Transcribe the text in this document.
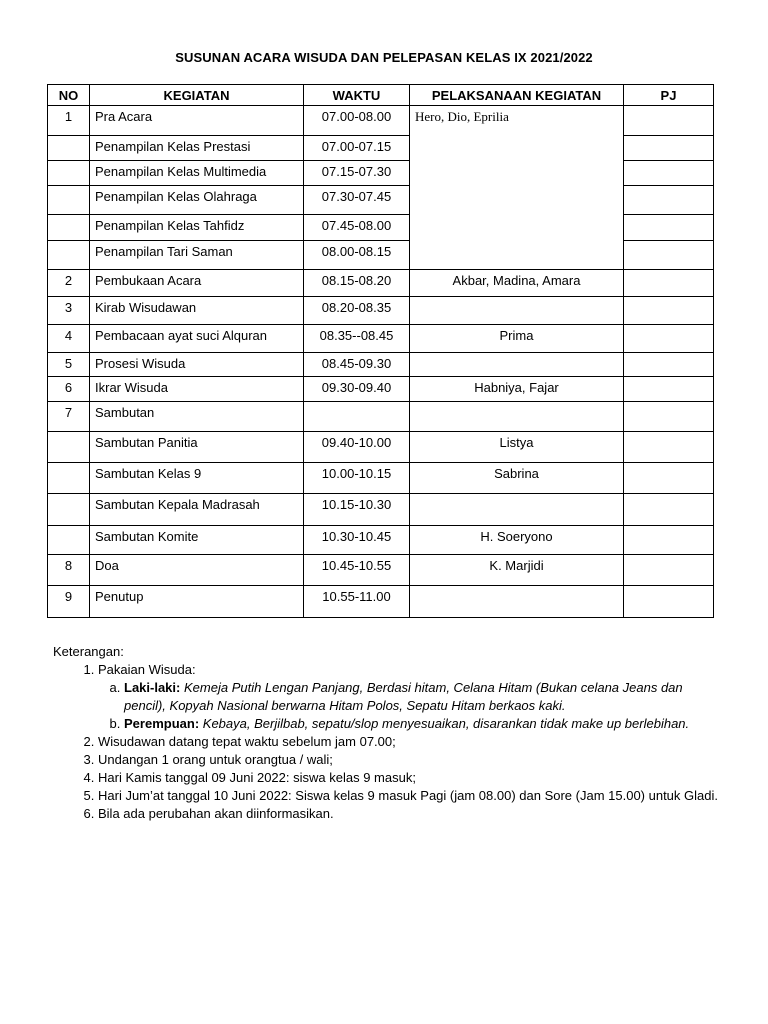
SUSUNAN ACARA WISUDA DAN PELEPASAN KELAS IX 2021/2022
NO	KEGIATAN	WAKTU	PELAKSANAAN KEGIATAN	PJ
1	Pra Acara	07.00-08.00	Hero, Dio, Eprilia	
	Penampilan Kelas Prestasi	07.00-07.15		
	Penampilan Kelas Multimedia	07.15-07.30		
	Penampilan Kelas Olahraga	07.30-07.45		
	Penampilan Kelas Tahfidz	07.45-08.00		
	Penampilan Tari Saman	08.00-08.15		
2	Pembukaan Acara	08.15-08.20	Akbar, Madina, Amara	
3	Kirab Wisudawan	08.20-08.35		
4	Pembacaan ayat suci Alquran	08.35--08.45	Prima	
5	Prosesi Wisuda	08.45-09.30		
6	Ikrar Wisuda	09.30-09.40	Habniya, Fajar	
7	Sambutan			
	Sambutan Panitia	09.40-10.00	Listya	
	Sambutan Kelas 9	10.00-10.15	Sabrina	
	Sambutan Kepala Madrasah	10.15-10.30		
	Sambutan Komite	10.30-10.45	H. Soeryono	
8	Doa	10.45-10.55	K. Marjidi	
9	Penutup	10.55-11.00		
Keterangan:
1. Pakaian Wisuda:
a. Laki-laki: Kemeja Putih Lengan Panjang, Berdasi hitam, Celana Hitam (Bukan celana Jeans dan pencil), Kopyah Nasional berwarna Hitam Polos, Sepatu Hitam berkaos kaki.
b. Perempuan: Kebaya, Berjilbab, sepatu/slop menyesuaikan, disarankan tidak make up berlebihan.
2. Wisudawan datang tepat waktu sebelum jam 07.00;
3. Undangan 1 orang untuk orangtua / wali;
4. Hari Kamis tanggal 09 Juni 2022: siswa kelas 9 masuk;
5. Hari Jum’at tanggal 10 Juni 2022: Siswa kelas 9 masuk Pagi (jam 08.00) dan Sore (Jam 15.00) untuk Gladi.
6. Bila ada perubahan akan diinformasikan.
